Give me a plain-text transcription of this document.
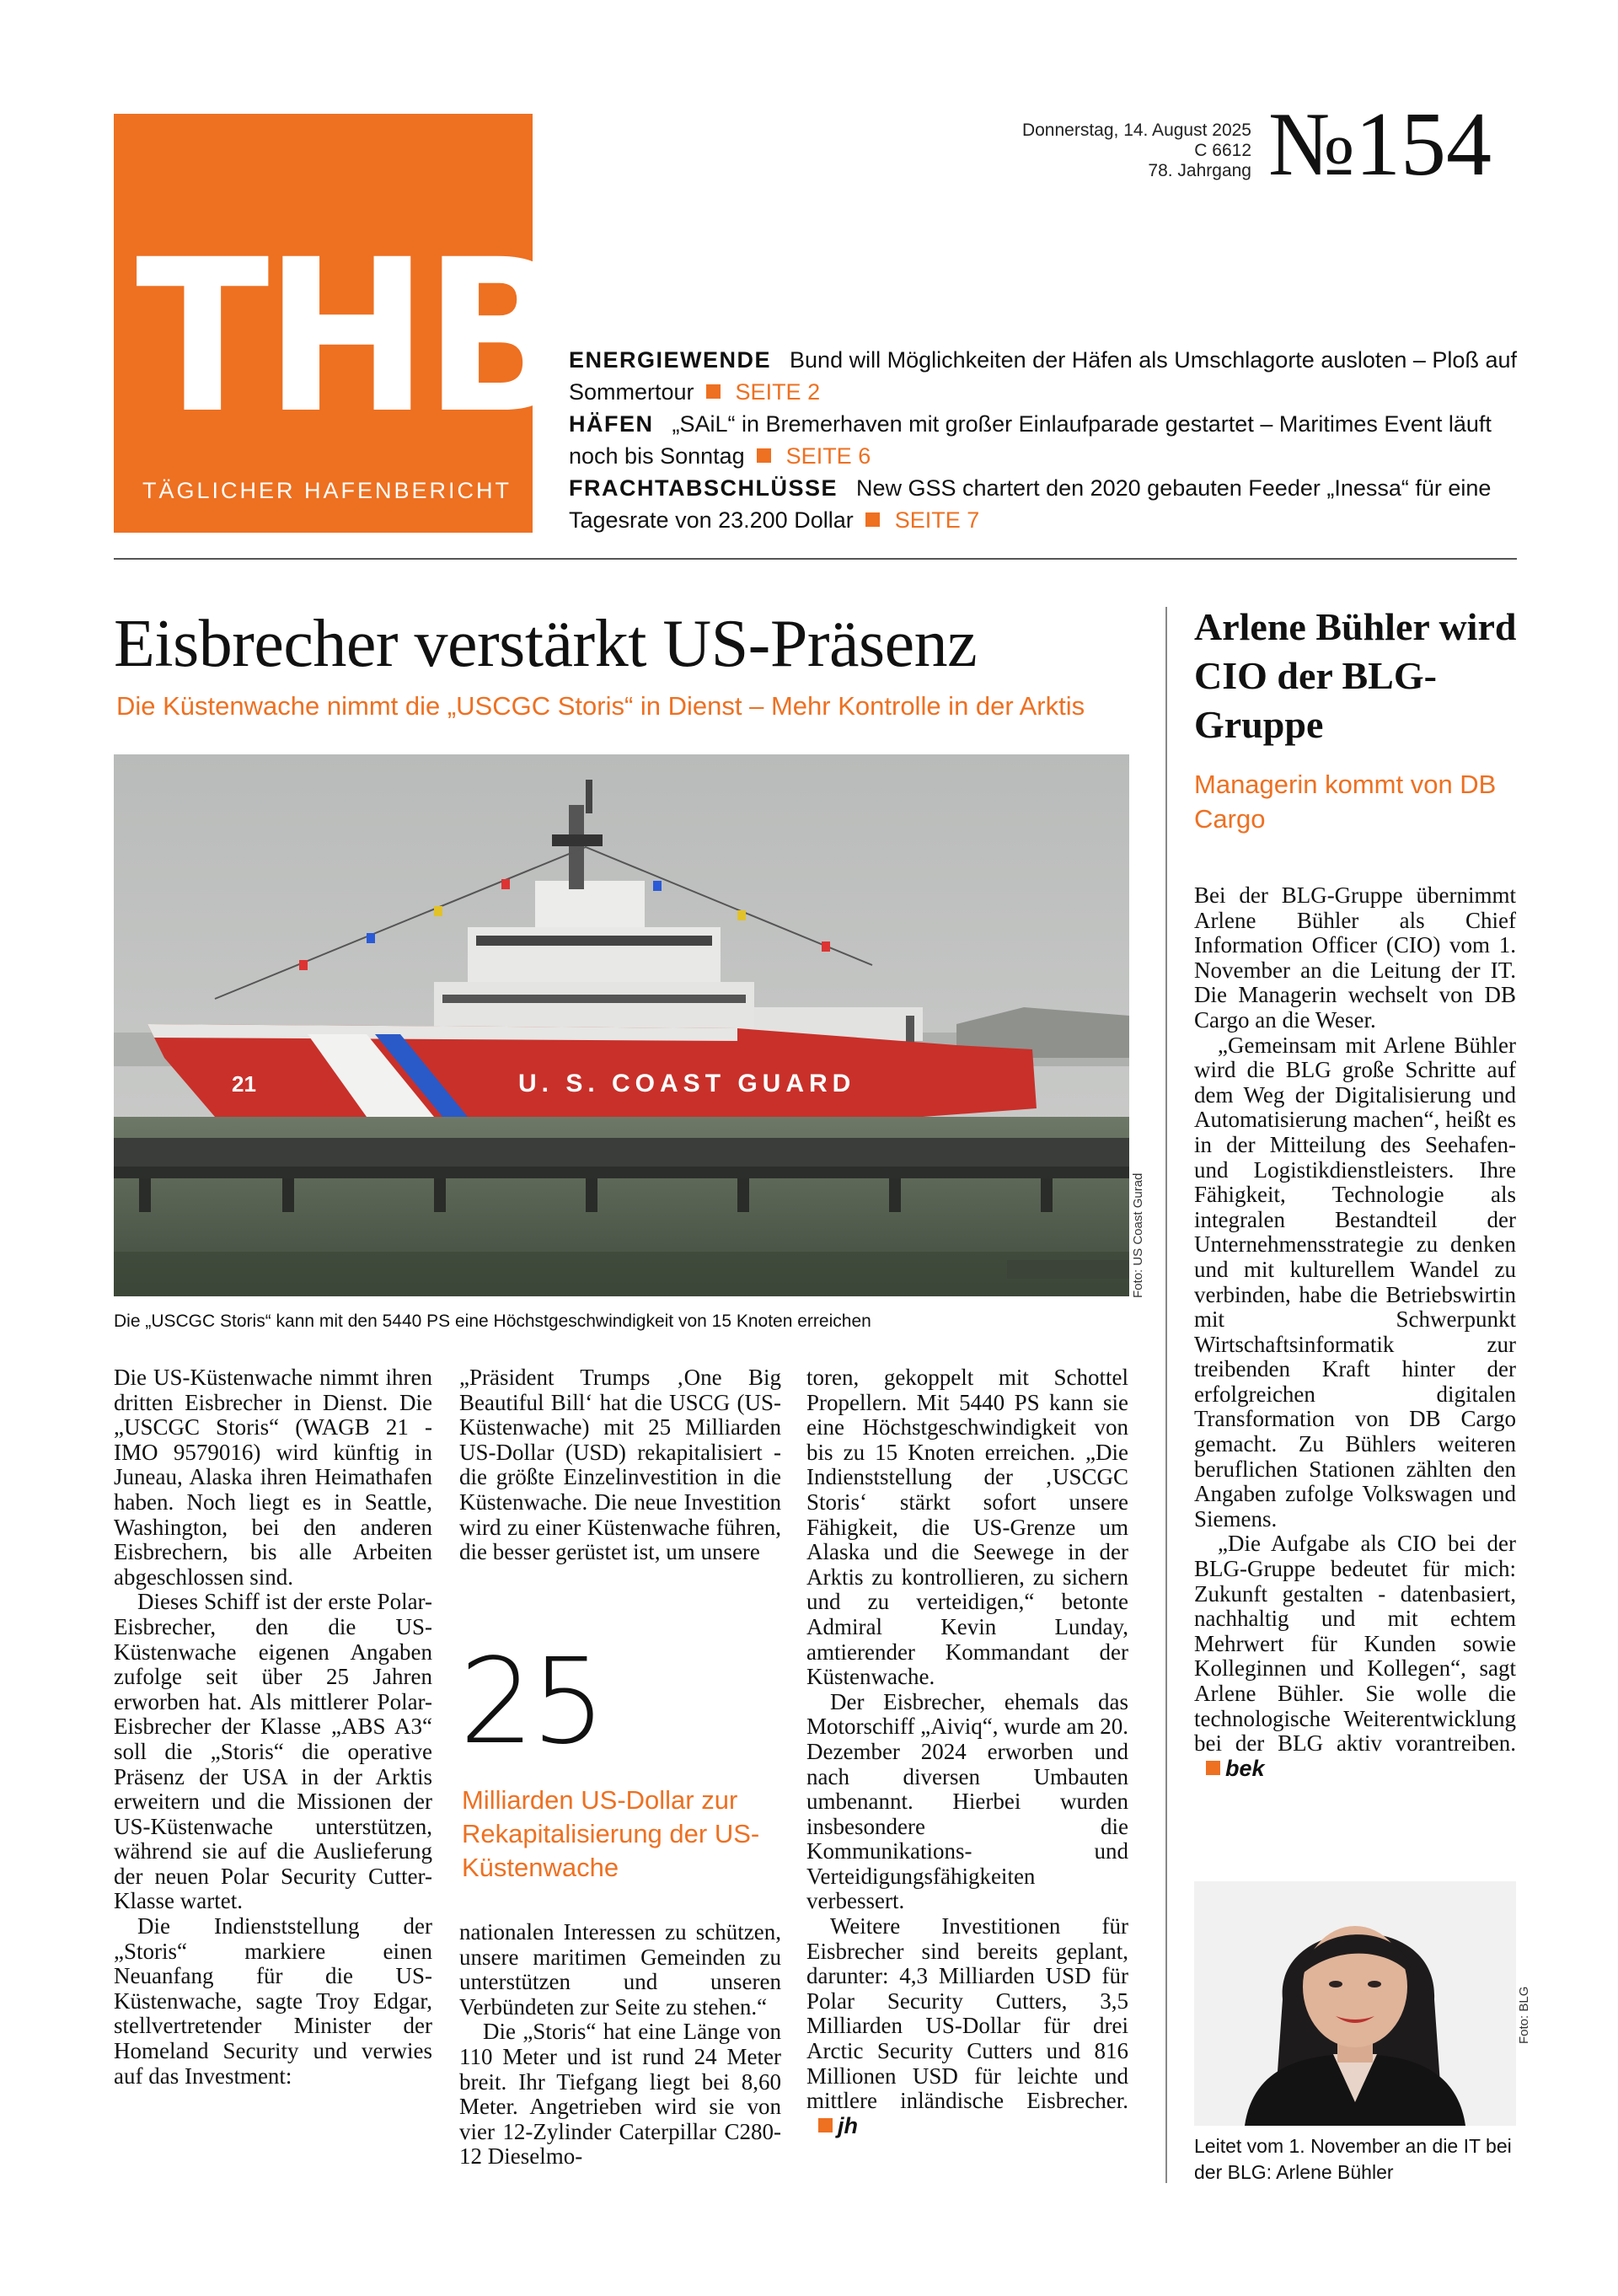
THB
TÄGLICHER HAFENBERICHT
Donnerstag, 14. August 2025
C 6612
78. Jahrgang №154

ENERGIEWENDE Bund will Möglichkeiten der Häfen als Umschlagorte ausloten – Ploß auf Sommertour SEITE 2

HÄFEN „SAiL“ in Bremerhaven mit großer Einlaufparade gestartet – Maritimes Event läuft noch bis Sonntag SEITE 6

FRACHTABSCHLÜSSE New GSS chartert den 2020 gebauten Feeder „Inessa“ für eine Tagesrate von 23.200 Dollar SEITE 7

Eisbrecher verstärkt US-Präsenz
Die Küstenwache nimmt die „USCGC Storis“ in Dienst – Mehr Kontrolle in der Arktis
21	U. S. COAST GUARD
Foto: US Coast Gurad
Die „USCGC Storis“ kann mit den 5440 PS eine Höchstgeschwindigkeit von 15 Knoten erreichen

Die US-Küstenwache nimmt ihren dritten Eisbrecher in Dienst. Die „USCGC Storis“ (WAGB 21 - IMO 9579016) wird künftig in Juneau, Alaska ihren Heimathafen haben. Noch liegt es in Seattle, Washington, bei den anderen Eisbrechern, bis alle Arbeiten abgeschlossen sind.

Dieses Schiff ist der erste Polar-Eisbrecher, den die US-Küstenwache eigenen Angaben zufolge seit über 25 Jahren erworben hat. Als mittlerer Polar-Eisbrecher der Klasse „ABS A3“ soll die „Storis“ die operative Präsenz der USA in der Arktis erweitern und die Missionen der US-Küstenwache unterstützen, während sie auf die Auslieferung der neuen Polar Security Cutter-Klasse wartet.

Die Indienststellung der „Storis“ markiere einen Neuanfang für die US-Küstenwache, sagte Troy Edgar, stellvertretender Minister der Homeland Security und verwies auf das Investment:

„Präsident Trumps ‚One Big Beautiful Bill‘ hat die USCG (US-Küstenwache) mit 25 Milliarden US-Dollar (USD) rekapitalisiert - die größte Einzelinvestition in die Küstenwache. Die neue Investition wird zu einer Küstenwache führen, die besser gerüstet ist, um unsere

25
Milliarden US-Dollar zur Rekapitalisierung der US-Küstenwache

nationalen Interessen zu schützen, unsere maritimen Gemeinden zu unterstützen und unseren Verbündeten zur Seite zu stehen.“

Die „Storis“ hat eine Länge von 110 Meter und ist rund 24 Meter breit. Ihr Tiefgang liegt bei 8,60 Meter. Angetrieben wird sie von vier 12-Zylinder Caterpillar C280-12 Dieselmo-

toren, gekoppelt mit Schottel Propellern. Mit 5440 PS kann sie eine Höchstgeschwindigkeit von bis zu 15 Knoten erreichen. „Die Indienststellung der ‚USCGC Storis‘ stärkt sofort unsere Fähigkeit, die US-Grenze um Alaska und die Seewege in der Arktis zu kontrollieren, zu sichern und zu verteidigen,“ betonte Admiral Kevin Lunday, amtierender Kommandant der Küstenwache.

Der Eisbrecher, ehemals das Motorschiff „Aiviq“, wurde am 20. Dezember 2024 erworben und nach diversen Umbauten umbenannt. Hierbei wurden insbesondere die Kommunikations- und Verteidigungsfähigkeiten verbessert.

Weitere Investitionen für Eisbrecher sind bereits geplant, darunter: 4,3 Milliarden USD für Polar Security Cutters, 3,5 Milliarden US-Dollar für drei Arctic Security Cutters und 816 Millionen USD für leichte und mittlere inländische Eisbrecher. jh

Arlene Bühler wird CIO der BLG-Gruppe
Managerin kommt von DB Cargo

Bei der BLG-Gruppe übernimmt Arlene Bühler als Chief Information Officer (CIO) vom 1. November an die Leitung der IT. Die Managerin wechselt von DB Cargo an die Weser.

„Gemeinsam mit Arlene Bühler wird die BLG große Schritte auf dem Weg der Digitalisierung und Automatisierung machen“, heißt es in der Mitteilung des Seehafen- und Logistikdienstleisters. Ihre Fähigkeit, Technologie als integralen Bestandteil der Unternehmensstrategie zu denken und mit kulturellem Wandel zu verbinden, habe die Betriebswirtin mit Schwerpunkt Wirtschaftsinformatik zur treibenden Kraft hinter der erfolgreichen digitalen Transformation von DB Cargo gemacht. Zu Bühlers weiteren beruflichen Stationen zählten den Angaben zufolge Volkswagen und Siemens.

„Die Aufgabe als CIO bei der BLG-Gruppe bedeutet für mich: Zukunft gestalten - datenbasiert, nachhaltig und mit echtem Mehrwert für Kunden sowie Kolleginnen und Kollegen“, sagt Arlene Bühler. Sie wolle die technologische Weiterentwicklung bei der BLG aktiv vorantreiben. bek

Foto: BLG
Leitet vom 1. November an die IT bei der BLG: Arlene Bühler
